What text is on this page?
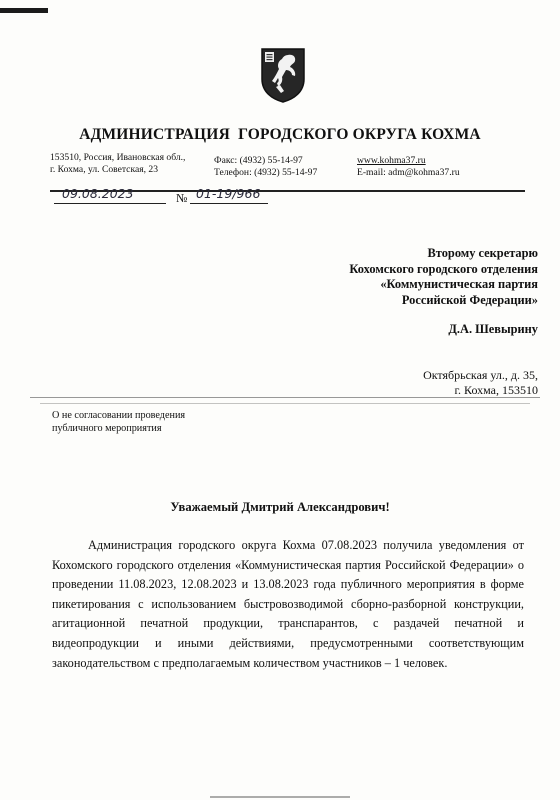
АДМИНИСТРАЦИЯ  ГОРОДСКОГО ОКРУГА КОХМА
153510, Россия, Ивановская обл.,
г. Кохма, ул. Советская, 23
Факс: (4932) 55-14-97
Телефон: (4932) 55-14-97
www.kohma37.ru
E-mail: adm@kohma37.ru
09.08.2023	№ 01-19/966
Второму секретарю
Кохомского городского отделения
«Коммунистическая партия
Российской Федерации»
Д.А. Шевырину
Октябрьская ул., д. 35,
г. Кохма, 153510
О не согласовании проведения
публичного мероприятия
Уважаемый Дмитрий Александрович!

Администрация городского округа Кохма 07.08.2023 получила уведомления от Кохомского городского отделения «Коммунистическая партия Российской Федерации» о проведении 11.08.2023, 12.08.2023 и 13.08.2023 года публичного мероприятия в форме пикетирования с использованием быстровозводимой сборно-разборной конструкции, агитационной печатной продукции, транспарантов, с раздачей печатной и видеопродукции и иными действиями, предусмотренными соответствующим законодательством с предполагаемым количеством участников – 1 человек.
